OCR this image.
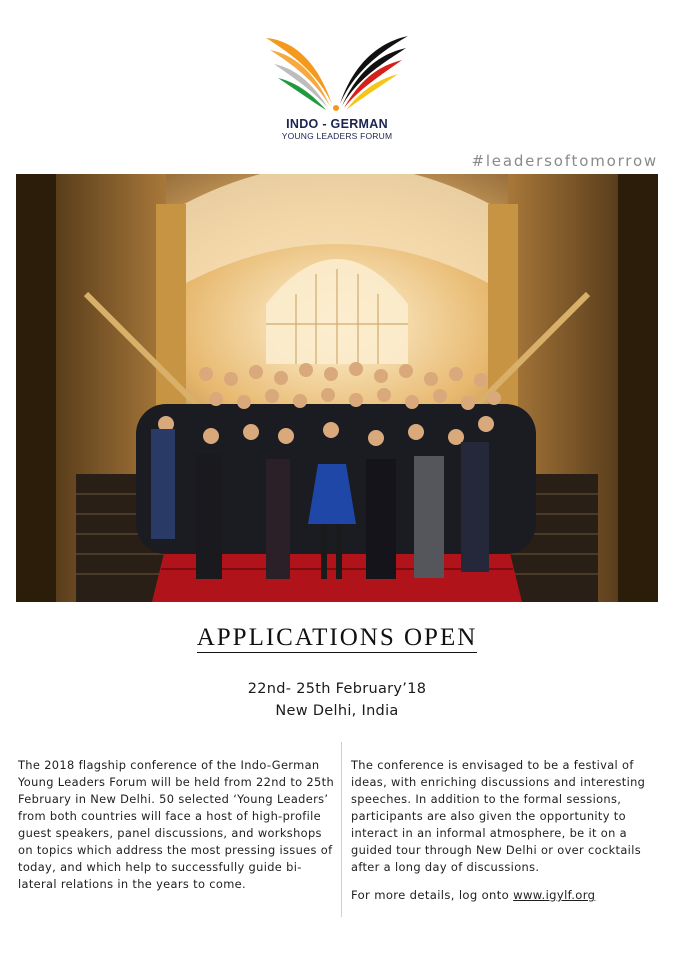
INDO - GERMAN
YOUNG LEADERS FORUM
#leadersoftomorrow
APPLICATIONS OPEN
22nd- 25th February’18
New Delhi, India
The 2018 flagship conference of the Indo-German Young Leaders Forum will be held from 22nd to 25th February in New Delhi. 50 selected ‘Young Leaders’ from both countries will face a host of high-profile guest speakers, panel discussions, and workshops on topics which address the most pressing issues of today, and which help to successfully guide bi-lateral relations in the years to come.
The conference is envisaged to be a festival of ideas, with enriching discussions and interesting speeches. In addition to the formal sessions, participants are also given the opportunity to interact in an informal atmosphere, be it on a guided tour through New Delhi or over cocktails after a long day of discussions.
For more details, log onto www.igylf.org
